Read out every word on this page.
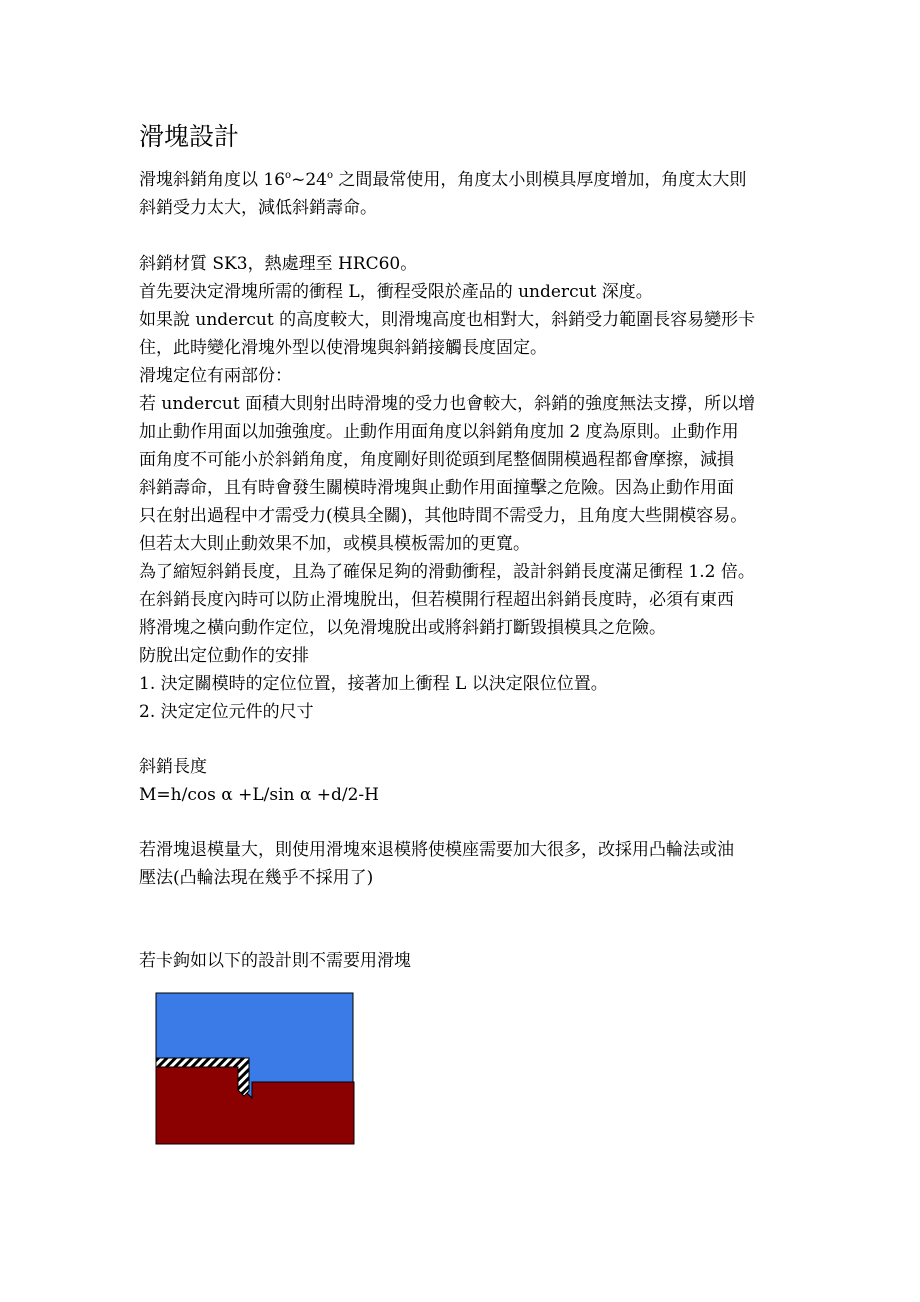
滑塊設計
滑塊斜銷角度以 16$^o$~24$^o$ 之間最常使用，角度太小則模具厚度增加，角度太大則
斜銷受力太大，減低斜銷壽命。
斜銷材質 SK3，熱處理至 HRC60。
首先要決定滑塊所需的衝程 L，衝程受限於產品的 undercut 深度。
如果說 undercut 的高度較大，則滑塊高度也相對大，斜銷受力範圍長容易變形卡
住，此時變化滑塊外型以使滑塊與斜銷接觸長度固定。
滑塊定位有兩部份：
若 undercut 面積大則射出時滑塊的受力也會較大，斜銷的強度無法支撐，所以增
加止動作用面以加強強度。止動作用面角度以斜銷角度加 2 度為原則。止動作用
面角度不可能小於斜銷角度，角度剛好則從頭到尾整個開模過程都會摩擦，減損
斜銷壽命，且有時會發生關模時滑塊與止動作用面撞擊之危險。因為止動作用面
只在射出過程中才需受力(模具全關)，其他時間不需受力，且角度大些開模容易。
但若太大則止動效果不加，或模具模板需加的更寬。
為了縮短斜銷長度，且為了確保足夠的滑動衝程，設計斜銷長度滿足衝程 1.2 倍。
在斜銷長度內時可以防止滑塊脫出，但若模開行程超出斜銷長度時，必須有東西
將滑塊之橫向動作定位，以免滑塊脫出或將斜銷打斷毀損模具之危險。
防脫出定位動作的安排
1. 決定關模時的定位位置，接著加上衝程 L 以決定限位位置。
2. 決定定位元件的尺寸
斜銷長度
M=h/cos α +L/sin α +d/2-H
若滑塊退模量大，則使用滑塊來退模將使模座需要加大很多，改採用凸輪法或油
壓法(凸輪法現在幾乎不採用了)
若卡鉤如以下的設計則不需要用滑塊
